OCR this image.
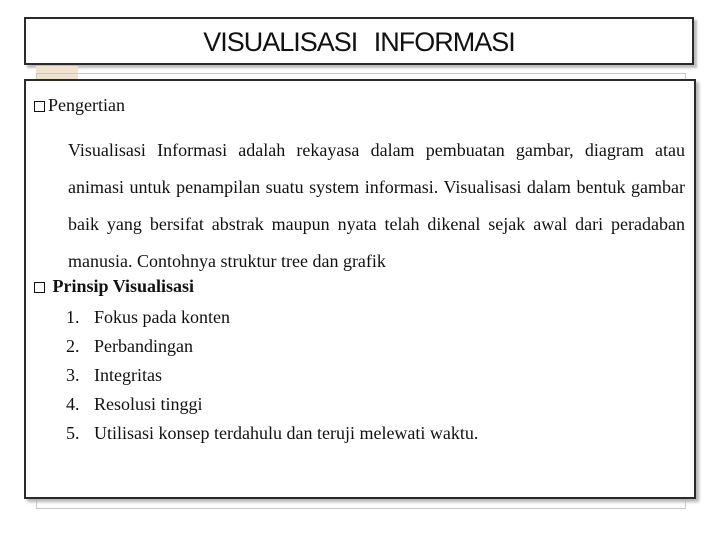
VISUALISASI INFORMASI
Pengertian

Visualisasi Informasi adalah rekayasa dalam pembuatan gambar, diagram atau animasi untuk penampilan suatu system informasi. Visualisasi dalam bentuk gambar baik yang bersifat abstrak maupun nyata telah dikenal sejak awal dari peradaban manusia. Contohnya struktur tree dan grafik

Prinsip Visualisasi
1. Fokus pada konten
2. Perbandingan
3. Integritas
4. Resolusi tinggi
5. Utilisasi konsep terdahulu dan teruji melewati waktu.
